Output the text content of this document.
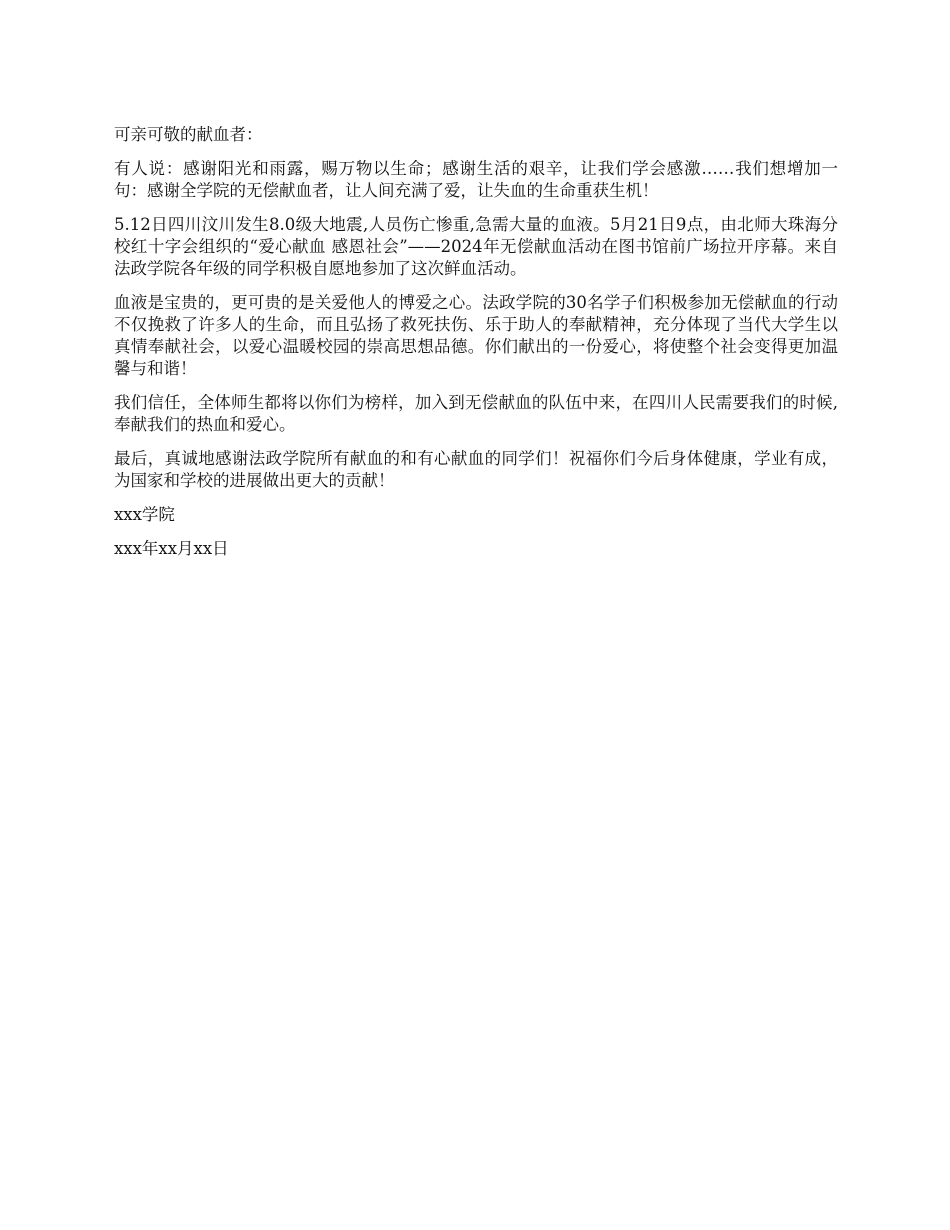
可亲可敬的献血者：

有人说：感谢阳光和雨露，赐万物以生命；感谢生活的艰辛，让我们学会感激……我们想增加一句：感谢全学院的无偿献血者，让人间充满了爱，让失血的生命重获生机！

5.12日四川汶川发生8.0级大地震,人员伤亡惨重,急需大量的血液。5月21日9点，由北师大珠海分校红十字会组织的“爱心献血 感恩社会”——2024年无偿献血活动在图书馆前广场拉开序幕。来自法政学院各年级的同学积极自愿地参加了这次鲜血活动。

血液是宝贵的，更可贵的是关爱他人的博爱之心。法政学院的30名学子们积极参加无偿献血的行动不仅挽救了许多人的生命，而且弘扬了救死扶伤、乐于助人的奉献精神，充分体现了当代大学生以真情奉献社会，以爱心温暖校园的崇高思想品德。你们献出的一份爱心，将使整个社会变得更加温馨与和谐！

我们信任，全体师生都将以你们为榜样，加入到无偿献血的队伍中来，在四川人民需要我们的时候,奉献我们的热血和爱心。

最后，真诚地感谢法政学院所有献血的和有心献血的同学们！祝福你们今后身体健康，学业有成，为国家和学校的进展做出更大的贡献！

xxx学院

xxx年xx月xx日
